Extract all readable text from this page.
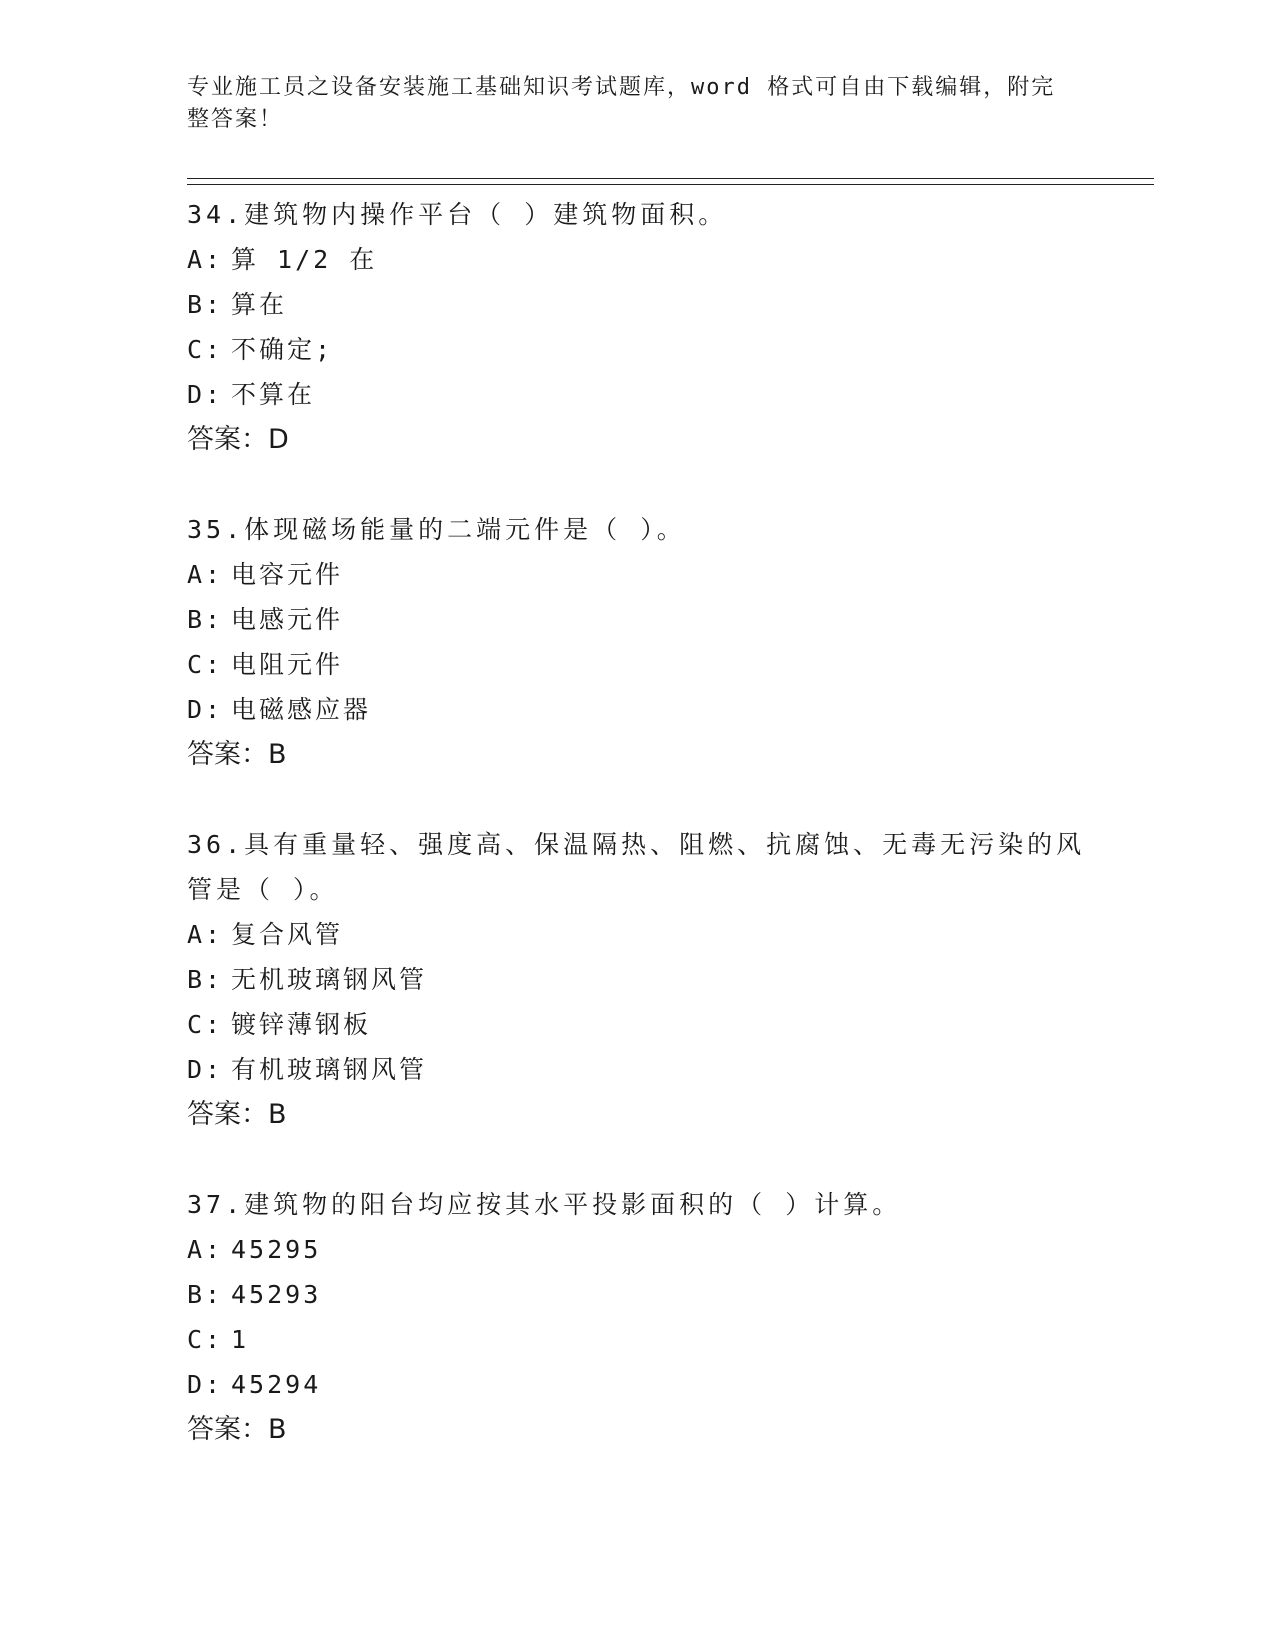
专业施工员之设备安装施工基础知识考试题库，word 格式可自由下载编辑，附完整答案！

34.建筑物内操作平台（ ）建筑物面积。

A: 算 1/2 在

B: 算在

C: 不确定;

D: 不算在

答案：D

35.体现磁场能量的二端元件是（ ）。

A: 电容元件

B: 电感元件

C: 电阻元件

D: 电磁感应器

答案：B

36.具有重量轻、强度高、保温隔热、阻燃、抗腐蚀、无毒无污染的风管是（ ）。

A: 复合风管

B: 无机玻璃钢风管

C: 镀锌薄钢板

D: 有机玻璃钢风管

答案：B

37.建筑物的阳台均应按其水平投影面积的（ ）计算。

A: 45295

B: 45293

C: 1

D: 45294

答案：B
